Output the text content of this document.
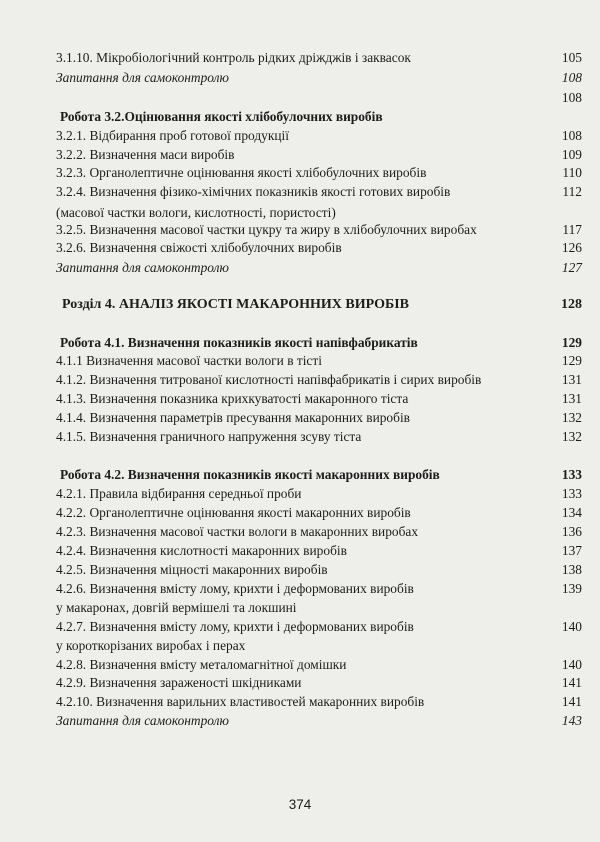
3.1.10. Мікробіологічний контроль рідких дріжджів і заквасок	105
Запитання для самоконтролю	108
108
Робота 3.2.Оцінювання якості хлібобулочних виробів
3.2.1. Відбирання проб готової продукції	108
3.2.2. Визначення маси виробів	109
3.2.3. Органолептичне оцінювання якості хлібобулочних виробів	110
3.2.4. Визначення фізико-хімічних показників якості готових виробів	112
(масової частки вологи, кислотності, пористості)
3.2.5. Визначення масової частки цукру та жиру в хлібобулочних виробах	117
3.2.6. Визначення свіжості хлібобулочних виробів	126
Запитання для самоконтролю	127
Розділ 4. АНАЛІЗ ЯКОСТІ МАКАРОННИХ ВИРОБІВ	128
Робота 4.1. Визначення показників якості напівфабрикатів	129
4.1.1 Визначення масової частки вологи в тісті	129
4.1.2. Визначення титрованої кислотності напівфабрикатів і сирих виробів	131
4.1.3. Визначення показника крихкуватості макаронного тіста	131
4.1.4. Визначення параметрів пресування макаронних виробів	132
4.1.5. Визначення граничного напруження зсуву тіста	132
Робота 4.2. Визначення показників якості макаронних виробів	133
4.2.1. Правила відбирання середньої проби	133
4.2.2. Органолептичне оцінювання якості макаронних виробів	134
4.2.3. Визначення масової частки вологи в макаронних виробах	136
4.2.4. Визначення кислотності макаронних виробів	137
4.2.5. Визначення міцності макаронних виробів	138
4.2.6. Визначення вмісту лому, крихти і деформованих виробів	139
у макаронах, довгій вермішелі та локшині
4.2.7. Визначення вмісту лому, крихти і деформованих виробів	140
у короткорізаних виробах і перах
4.2.8. Визначення вмісту металомагнітної домішки	140
4.2.9. Визначення зараженості шкідниками	141
4.2.10. Визначення варильних властивостей макаронних виробів	141
Запитання для самоконтролю	143
374
